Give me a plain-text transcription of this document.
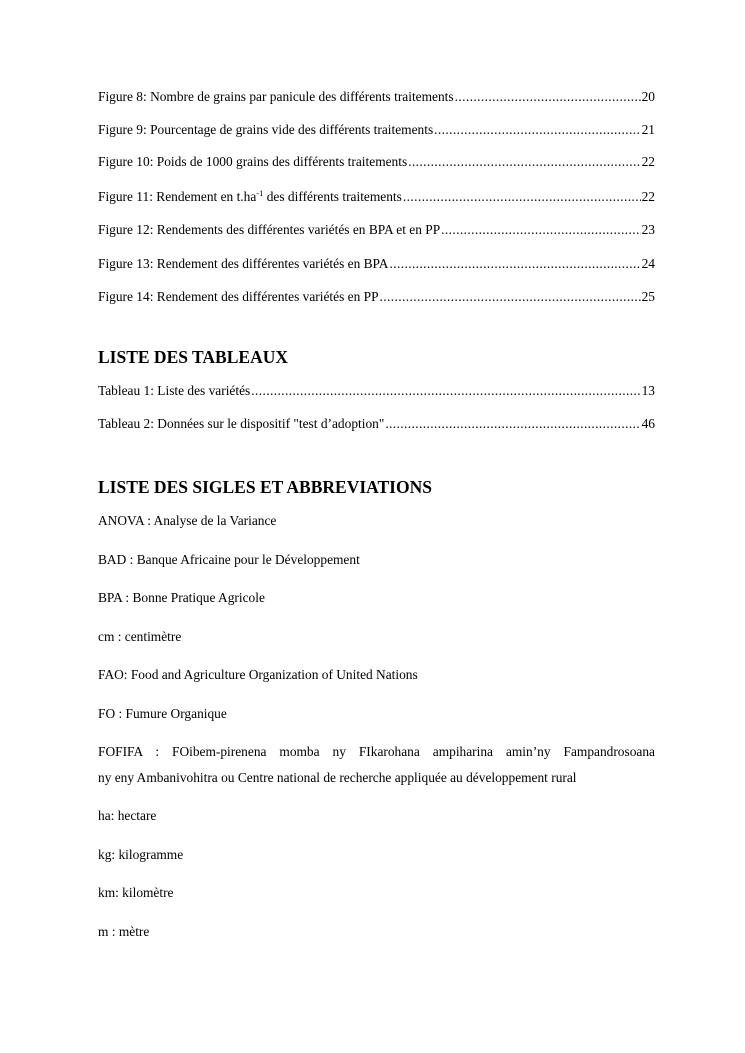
Figure 8: Nombre de grains par panicule des différents traitements .....	20
Figure 9: Pourcentage de grains vide des différents traitements .....	21
Figure 10: Poids de 1000 grains des différents traitements .....	22
Figure 11: Rendement en $t.ha^{-1}$ des différents traitements .....	22
Figure 12: Rendements des différentes variétés en BPA et en PP .....	23
Figure 13: Rendement des différentes variétés en BPA .....	24
Figure 14: Rendement des différentes variétés en PP .....	25
LISTE DES TABLEAUX
Tableau 1: Liste des variétés .....	13
Tableau 2: Données sur le dispositif "test d’adoption" .....	46
LISTE DES SIGLES ET ABBREVIATIONS
ANOVA : Analyse de la Variance
BAD : Banque Africaine pour le Développement
BPA : Bonne Pratique Agricole
cm : centimètre
FAO: Food and Agriculture Organization of United Nations
FO : Fumure Organique
FOFIFA : FOibem-pirenena momba ny FIkarohana ampiharina amin’ny Fampandrosoana
ny eny Ambanivohitra ou Centre national de recherche appliquée au développement rural
ha: hectare
kg: kilogramme
km: kilomètre
m : mètre
